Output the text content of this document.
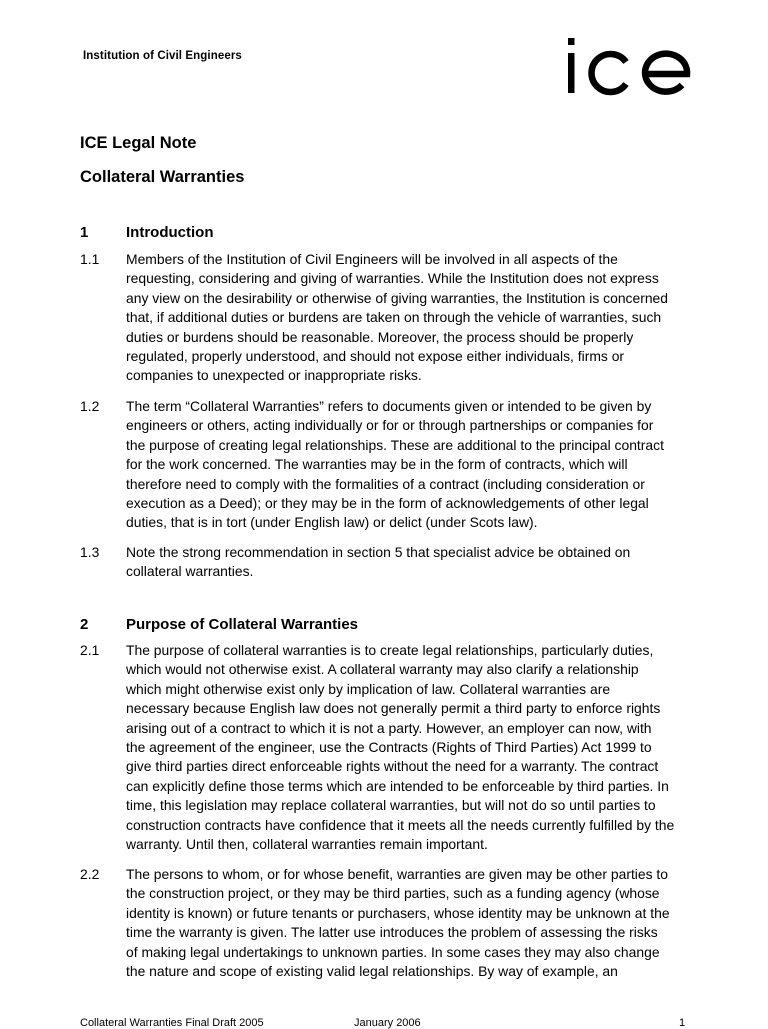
Institution of Civil Engineers
ICE Legal Note
Collateral Warranties
1	Introduction
1.1 Members of the Institution of Civil Engineers will be involved in all aspects of the
requesting, considering and giving of warranties. While the Institution does not express
any view on the desirability or otherwise of giving warranties, the Institution is concerned
that, if additional duties or burdens are taken on through the vehicle of warranties, such
duties or burdens should be reasonable. Moreover, the process should be properly
regulated, properly understood, and should not expose either individuals, firms or
companies to unexpected or inappropriate risks.
1.2 The term “Collateral Warranties” refers to documents given or intended to be given by
engineers or others, acting individually or for or through partnerships or companies for
the purpose of creating legal relationships. These are additional to the principal contract
for the work concerned. The warranties may be in the form of contracts, which will
therefore need to comply with the formalities of a contract (including consideration or
execution as a Deed); or they may be in the form of acknowledgements of other legal
duties, that is in tort (under English law) or delict (under Scots law).
1.3 Note the strong recommendation in section 5 that specialist advice be obtained on
collateral warranties.
2	Purpose of Collateral Warranties
2.1 The purpose of collateral warranties is to create legal relationships, particularly duties,
which would not otherwise exist. A collateral warranty may also clarify a relationship
which might otherwise exist only by implication of law. Collateral warranties are
necessary because English law does not generally permit a third party to enforce rights
arising out of a contract to which it is not a party. However, an employer can now, with
the agreement of the engineer, use the Contracts (Rights of Third Parties) Act 1999 to
give third parties direct enforceable rights without the need for a warranty. The contract
can explicitly define those terms which are intended to be enforceable by third parties. In
time, this legislation may replace collateral warranties, but will not do so until parties to
construction contracts have confidence that it meets all the needs currently fulfilled by the
warranty. Until then, collateral warranties remain important.
2.2 The persons to whom, or for whose benefit, warranties are given may be other parties to
the construction project, or they may be third parties, such as a funding agency (whose
identity is known) or future tenants or purchasers, whose identity may be unknown at the
time the warranty is given. The latter use introduces the problem of assessing the risks
of making legal undertakings to unknown parties. In some cases they may also change
the nature and scope of existing valid legal relationships. By way of example, an
Collateral Warranties Final Draft 2005	January 2006	1
